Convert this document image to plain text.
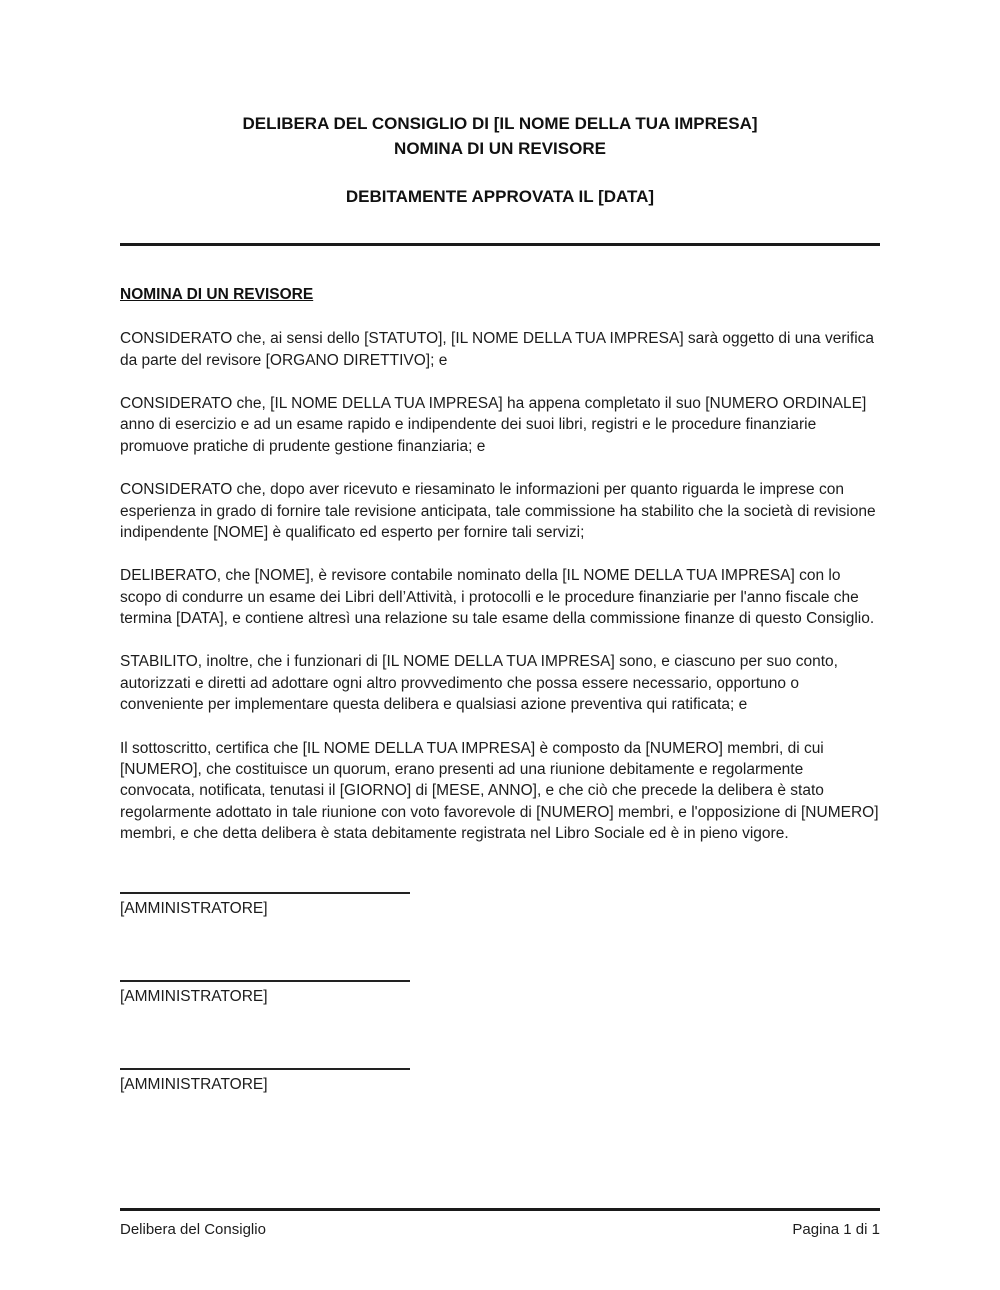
DELIBERA DEL CONSIGLIO DI [IL NOME DELLA TUA IMPRESA]
NOMINA DI UN REVISORE
DEBITAMENTE APPROVATA IL [DATA]
NOMINA DI UN REVISORE

CONSIDERATO che, ai sensi dello [STATUTO], [IL NOME DELLA TUA IMPRESA] sarà oggetto di una verifica da parte del revisore [ORGANO DIRETTIVO]; e

CONSIDERATO che, [IL NOME DELLA TUA IMPRESA] ha appena completato il suo [NUMERO ORDINALE] anno di esercizio e ad un esame rapido e indipendente dei suoi libri, registri e le procedure finanziarie promuove pratiche di prudente gestione finanziaria; e

CONSIDERATO che, dopo aver ricevuto e riesaminato le informazioni per quanto riguarda le imprese con esperienza in grado di fornire tale revisione anticipata, tale commissione ha stabilito che la società di revisione indipendente [NOME] è qualificato ed esperto per fornire tali servizi;

DELIBERATO, che [NOME], è revisore contabile nominato della [IL NOME DELLA TUA IMPRESA] con lo scopo di condurre un esame dei Libri dell’Attività, i protocolli e le procedure finanziarie per l'anno fiscale che termina [DATA], e contiene altresì una relazione su tale esame della commissione finanze di questo Consiglio.

STABILITO, inoltre, che i funzionari di [IL NOME DELLA TUA IMPRESA] sono, e ciascuno per suo conto, autorizzati e diretti ad adottare ogni altro provvedimento che possa essere necessario, opportuno o conveniente per implementare questa delibera e qualsiasi azione preventiva qui ratificata; e

Il sottoscritto, certifica che [IL NOME DELLA TUA IMPRESA] è composto da [NUMERO] membri, di cui [NUMERO], che costituisce un quorum, erano presenti ad una riunione debitamente e regolarmente convocata, notificata, tenutasi il [GIORNO] di [MESE, ANNO], e che ciò che precede la delibera è stato regolarmente adottato in tale riunione con voto favorevole di [NUMERO] membri, e l'opposizione di [NUMERO] membri, e che detta delibera è stata debitamente registrata nel Libro Sociale ed è in pieno vigore.

[AMMINISTRATORE]
[AMMINISTRATORE]
[AMMINISTRATORE]
Delibera del Consiglio	Pagina 1 di 1
